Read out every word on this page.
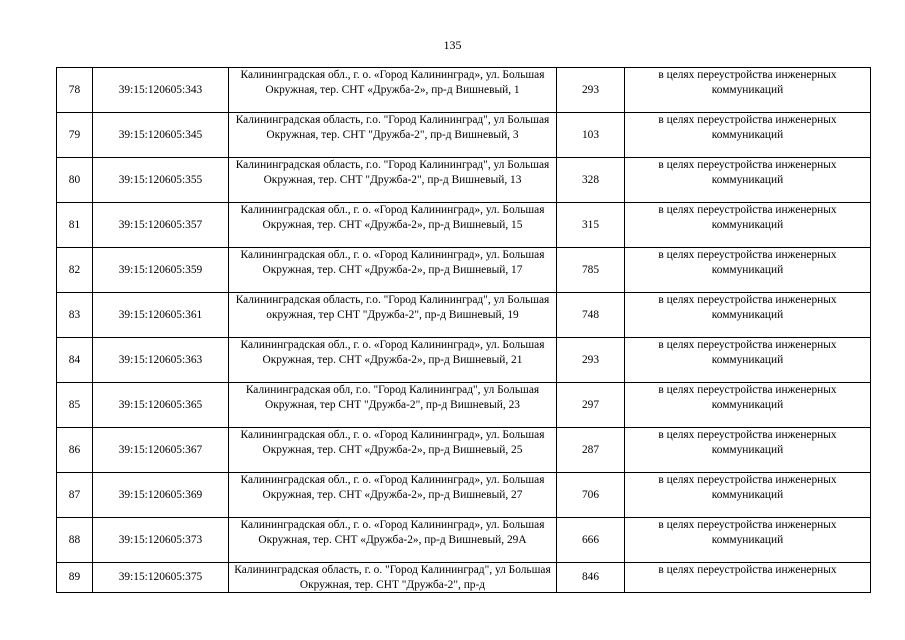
135
78	39:15:120605:343	Калининградская обл., г. о. «Город Калининград», ул. Большая Окружная, тер. СНТ «Дружба-2», пр-д Вишневый, 1	293	в целях переустройства инженерных коммуникаций

79	39:15:120605:345	Калининградская область, г.о. "Город Калининград", ул Большая Окружная, тер. СНТ "Дружба-2", пр-д Вишневый, 3	103	в целях переустройства инженерных коммуникаций

80	39:15:120605:355	Калининградская область, г.о. "Город Калининград", ул Большая Окружная, тер. СНТ "Дружба-2", пр-д Вишневый, 13	328	в целях переустройства инженерных коммуникаций

81	39:15:120605:357	Калининградская обл., г. о. «Город Калининград», ул. Большая Окружная, тер. СНТ «Дружба-2», пр-д Вишневый, 15	315	в целях переустройства инженерных коммуникаций

82	39:15:120605:359	Калининградская обл., г. о. «Город Калининград», ул. Большая Окружная, тер. СНТ «Дружба-2», пр-д Вишневый, 17	785	в целях переустройства инженерных коммуникаций

83	39:15:120605:361	Калининградская область, г.о. "Город Калининград", ул Большая окружная, тер СНТ "Дружба-2", пр-д Вишневый, 19	748	в целях переустройства инженерных коммуникаций

84	39:15:120605:363	Калининградская обл., г. о. «Город Калининград», ул. Большая Окружная, тер. СНТ «Дружба-2», пр-д Вишневый, 21	293	в целях переустройства инженерных коммуникаций

85	39:15:120605:365	Калининградская обл, г.о. "Город Калининград", ул Большая Окружная, тер СНТ "Дружба-2", пр-д Вишневый, 23	297	в целях переустройства инженерных коммуникаций

86	39:15:120605:367	Калининградская обл., г. о. «Город Калининград», ул. Большая Окружная, тер. СНТ «Дружба-2», пр-д Вишневый, 25	287	в целях переустройства инженерных коммуникаций

87	39:15:120605:369	Калининградская обл., г. о. «Город Калининград», ул. Большая Окружная, тер. СНТ «Дружба-2», пр-д Вишневый, 27	706	в целях переустройства инженерных коммуникаций

88	39:15:120605:373	Калининградская обл., г. о. «Город Калининград», ул. Большая Окружная, тер. СНТ «Дружба-2», пр-д Вишневый, 29А	666	в целях переустройства инженерных коммуникаций

89	39:15:120605:375	Калининградская область, г. о. "Город Калининград", ул Большая Окружная, тер. СНТ "Дружба-2", пр-д	846	в целях переустройства инженерных
